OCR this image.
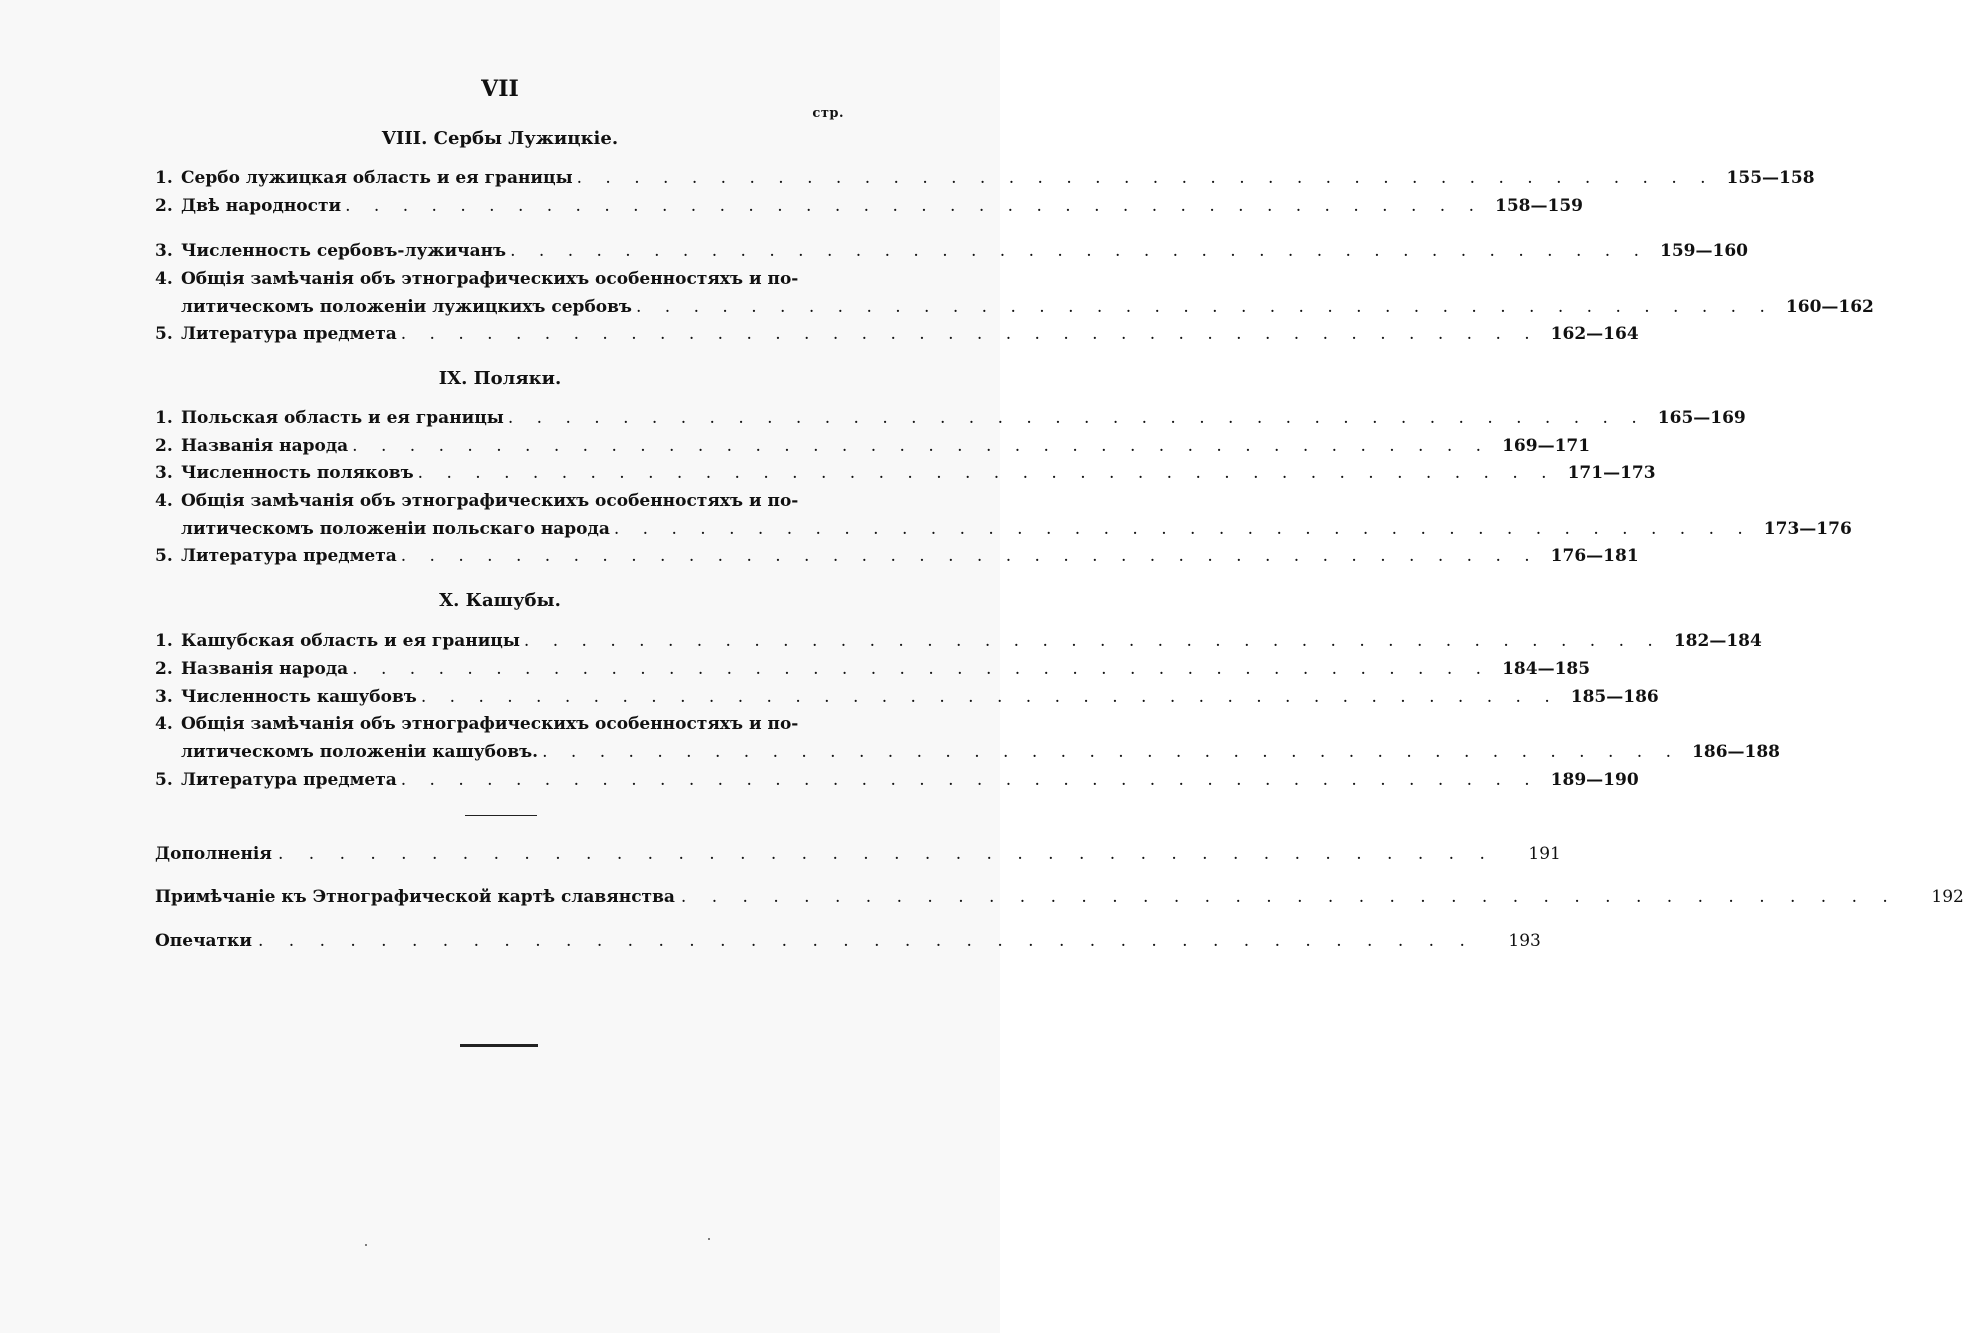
VII
стр.
VIII. Сербы Лужицкіе.
1. Сербо лужицкая область и ея границы . . . . . . . . . . . . . . . . . . . . . . . . . . . . . . . . . . . . . . . . 155—158
2. Двѣ народности . . . . . . . . . . . . . . . . . . . . . . . . . . . . . . . . . . . . . . . . 158—159
3. Численность сербовъ-лужичанъ . . . . . . . . . . . . . . . . . . . . . . . . . . . . . . . . . . . . . . . . 159—160
4. Общія замѣчанія объ этнографическихъ особенностяхъ и по-
литическомъ положеніи лужицкихъ сербовъ . . . . . . . . . . . . . . . . . . . . . . . . . . . . . . . . . . . . . . . . 160—162
5. Литература предмета . . . . . . . . . . . . . . . . . . . . . . . . . . . . . . . . . . . . . . . . 162—164
IX. Поляки.
1. Польская область и ея границы . . . . . . . . . . . . . . . . . . . . . . . . . . . . . . . . . . . . . . . . 165—169
2. Названія народа . . . . . . . . . . . . . . . . . . . . . . . . . . . . . . . . . . . . . . . . 169—171
3. Численность поляковъ . . . . . . . . . . . . . . . . . . . . . . . . . . . . . . . . . . . . . . . . 171—173
4. Общія замѣчанія объ этнографическихъ особенностяхъ и по-
литическомъ положеніи польскаго народа . . . . . . . . . . . . . . . . . . . . . . . . . . . . . . . . . . . . . . . . 173—176
5. Литература предмета . . . . . . . . . . . . . . . . . . . . . . . . . . . . . . . . . . . . . . . . 176—181
X. Кашубы.
1. Кашубская область и ея границы . . . . . . . . . . . . . . . . . . . . . . . . . . . . . . . . . . . . . . . . 182—184
2. Названія народа . . . . . . . . . . . . . . . . . . . . . . . . . . . . . . . . . . . . . . . . 184—185
3. Численность кашубовъ . . . . . . . . . . . . . . . . . . . . . . . . . . . . . . . . . . . . . . . . 185—186
4. Общія замѣчанія объ этнографическихъ особенностяхъ и по-
литическомъ положеніи кашубовъ. . . . . . . . . . . . . . . . . . . . . . . . . . . . . . . . . . . . . . . . . 186—188
5. Литература предмета . . . . . . . . . . . . . . . . . . . . . . . . . . . . . . . . . . . . . . . . 189—190
Дополненія . . . . . . . . . . . . . . . . . . . . . . . . . . . . . . . . . . . . . . . .	191
Примѣчаніе къ Этнографической картѣ славянства . . . . . . . . . . . . . . . . . . . . . . . . . . . . . . . . . . . . . . . .	192
Опечатки . . . . . . . . . . . . . . . . . . . . . . . . . . . . . . . . . . . . . . . .	193
